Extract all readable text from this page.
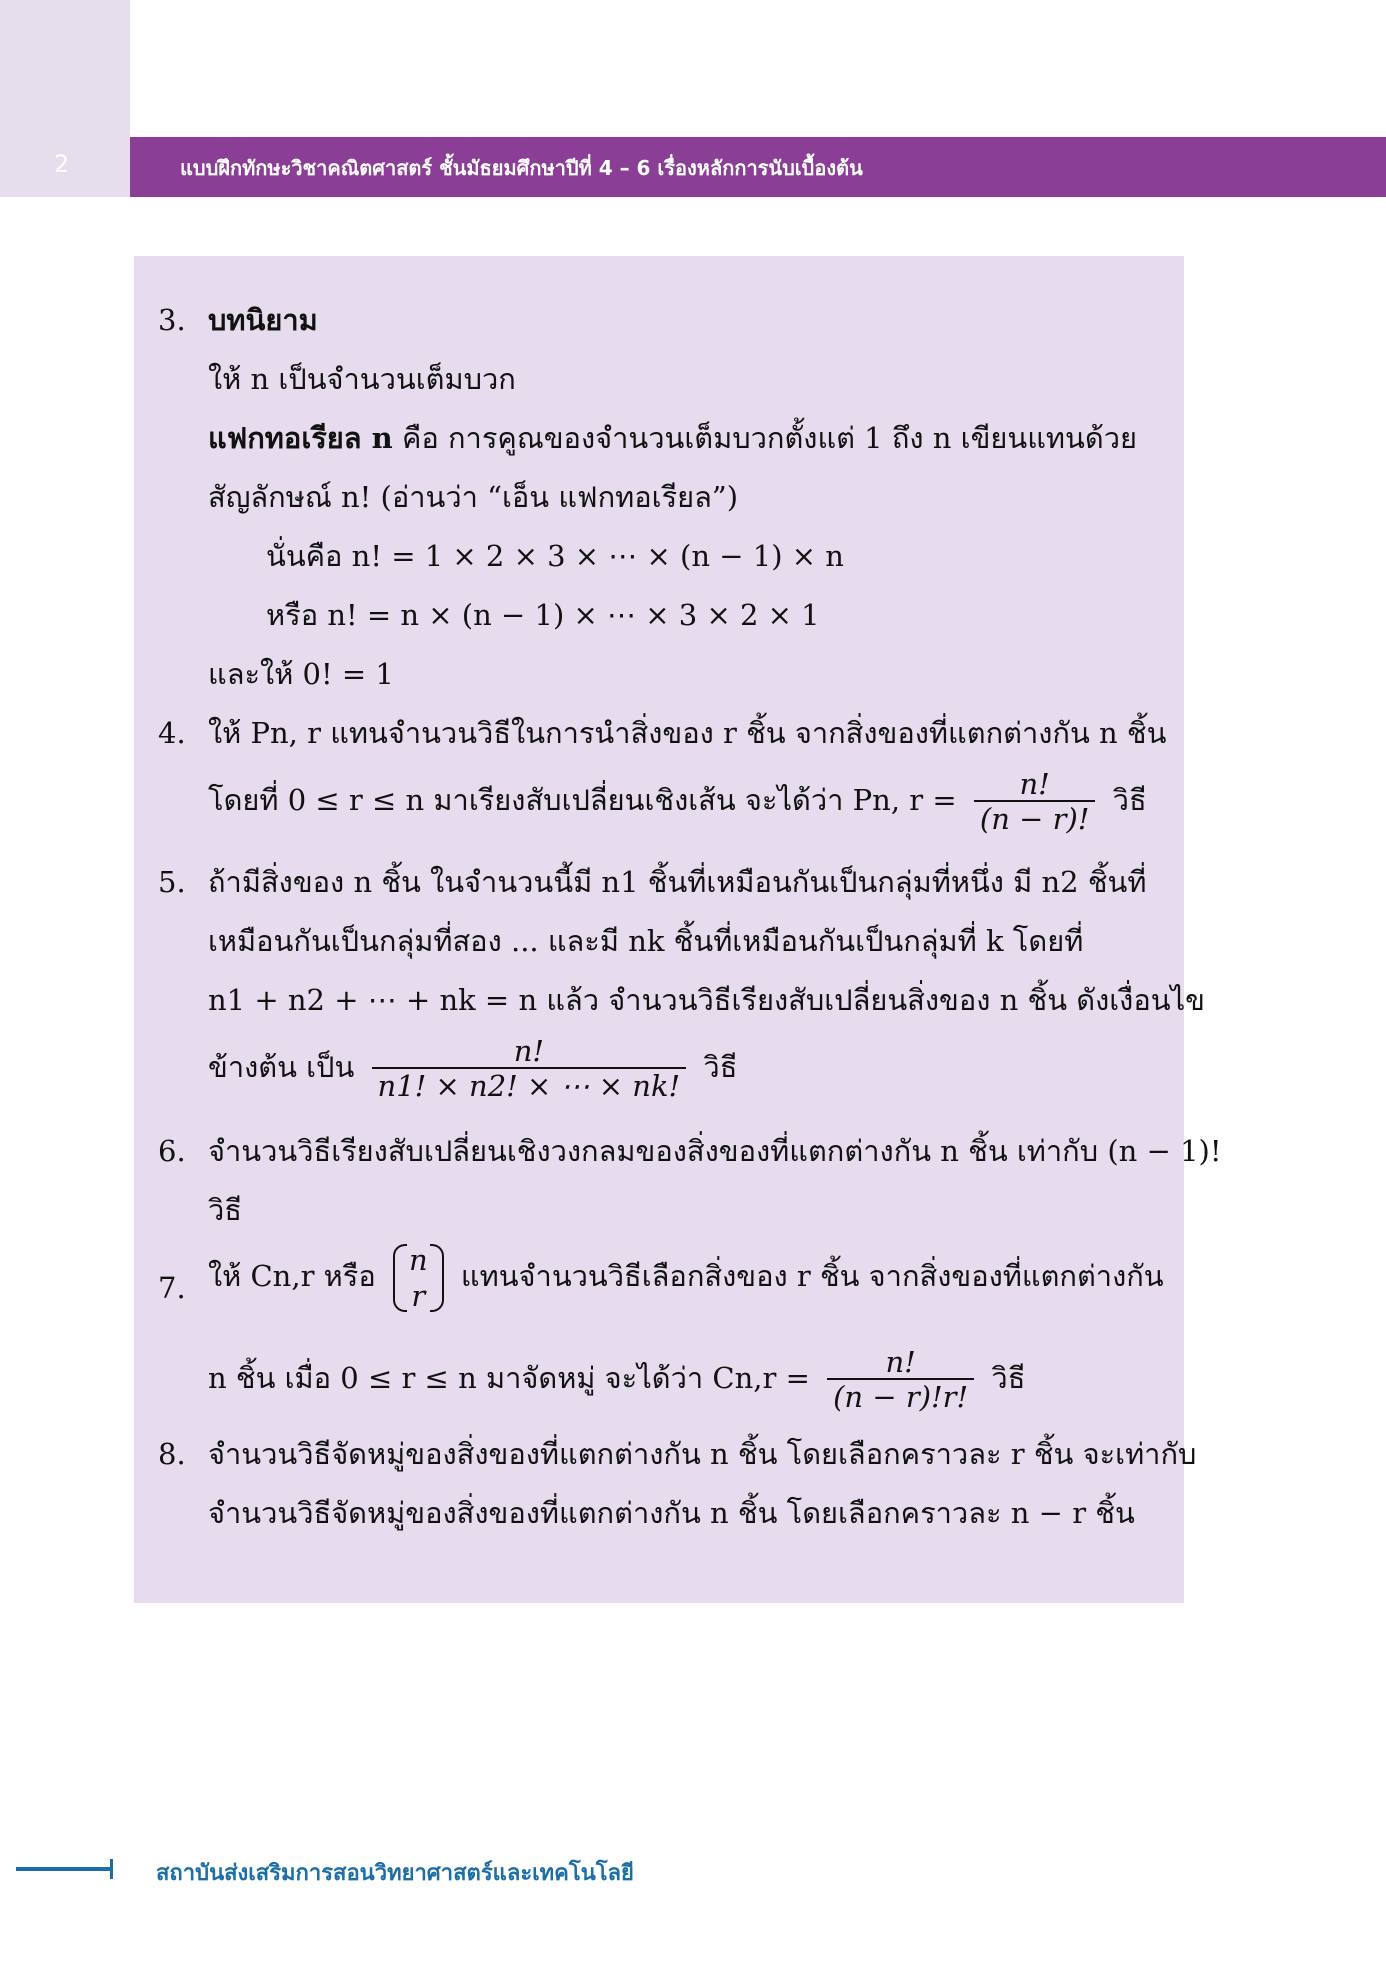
2	แบบฝึกทักษะวิชาคณิตศาสตร์ ชั้นมัธยมศึกษาปีที่ 4 – 6 เรื่องหลักการนับเบื้องต้น
3. บทนิยาม
ให้ n เป็นจำนวนเต็มบวก
แฟกทอเรียล n คือ การคูณของจำนวนเต็มบวกตั้งแต่ 1 ถึง n เขียนแทนด้วย
สัญลักษณ์ n! (อ่านว่า “เอ็น แฟกทอเรียล”)
นั่นคือ n! = 1 × 2 × 3 × ⋯ × (n − 1) × n
หรือ n! = n × (n − 1) × ⋯ × 3 × 2 × 1
และให้ 0! = 1
4. ให้ Pn, r แทนจำนวนวิธีในการนำสิ่งของ r ชิ้น จากสิ่งของที่แตกต่างกัน n ชิ้น
โดยที่ 0 ≤ r ≤ n มาเรียงสับเปลี่ยนเชิงเส้น จะได้ว่า Pn, $r = \frac{n!}{(n - r)!}$ วิธี
5. ถ้ามีสิ่งของ n ชิ้น ในจำนวนนี้มี n1 ชิ้นที่เหมือนกันเป็นกลุ่มที่หนึ่ง มี n2 ชิ้นที่
เหมือนกันเป็นกลุ่มที่สอง ... และมี nk ชิ้นที่เหมือนกันเป็นกลุ่มที่ k โดยที่
n1 + n2 + ⋯ + nk = n แล้ว จำนวนวิธีเรียงสับเปลี่ยนสิ่งของ n ชิ้น ดังเงื่อนไข
ข้างต้น เป็น $\frac{n!}{n1! \times n2! \times \cdots \times nk!}$ วิธี
6. จำนวนวิธีเรียงสับเปลี่ยนเชิงวงกลมของสิ่งของที่แตกต่างกัน n ชิ้น เท่ากับ (n − 1)!
วิธี
7. ให้ Cn,r หรือ n
r
แทนจำนวนวิธีเลือกสิ่งของ r ชิ้น จากสิ่งของที่แตกต่างกัน
n ชิ้น เมื่อ 0 ≤ r ≤ n มาจัดหมู่ จะได้ว่า $Cn,r = \frac{n!}{(n - r)!r!}$ วิธี
8. จำนวนวิธีจัดหมู่ของสิ่งของที่แตกต่างกัน n ชิ้น โดยเลือกคราวละ r ชิ้น จะเท่ากับ
จำนวนวิธีจัดหมู่ของสิ่งของที่แตกต่างกัน n ชิ้น โดยเลือกคราวละ n − r ชิ้น
สถาบันส่งเสริมการสอนวิทยาศาสตร์และเทคโนโลยี
